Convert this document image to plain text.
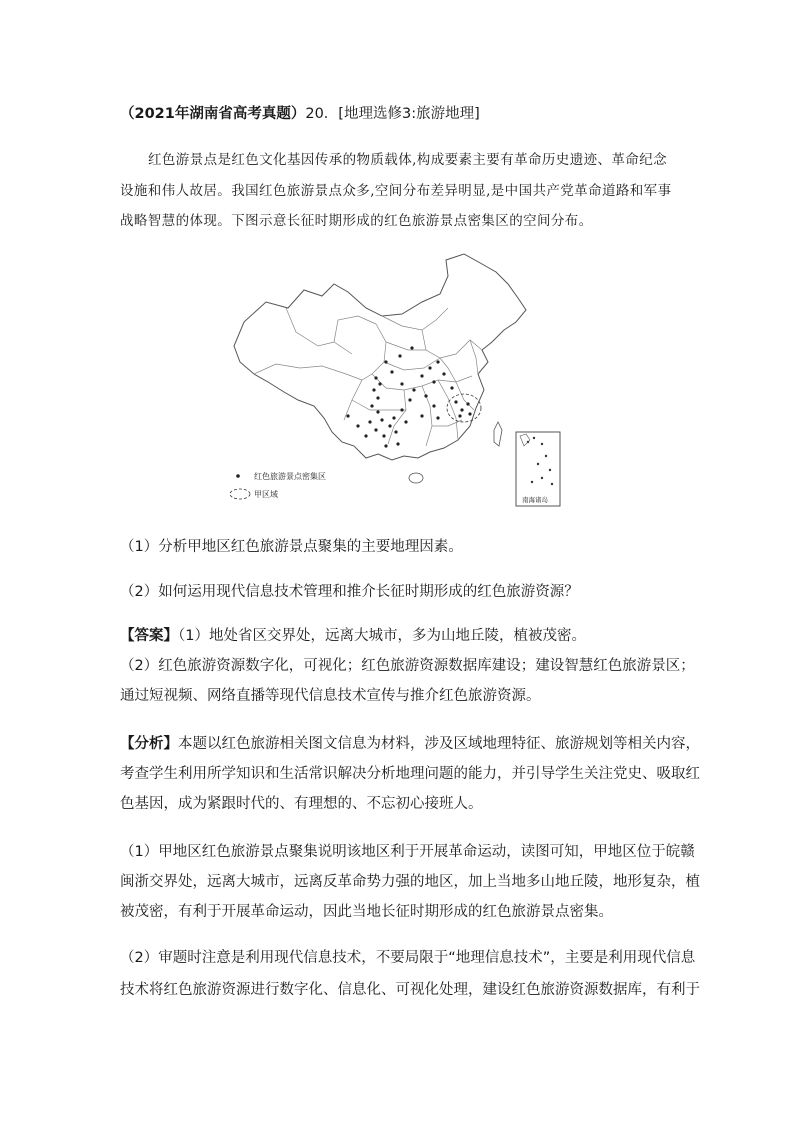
（2021年湖南省高考真题）20．[地理选修3:旅游地理]
红色游景点是红色文化基因传承的物质载体,构成要素主要有革命历史遗迹、革命纪念
设施和伟人故居。我国红色旅游景点众多,空间分布差异明显,是中国共产党革命道路和军事
战略智慧的体现。下图示意长征时期形成的红色旅游景点密集区的空间分布。
红色旅游景点密集区
甲区域
南海诸岛
（1）分析甲地区红色旅游景点聚集的主要地理因素。
（2）如何运用现代信息技术管理和推介长征时期形成的红色旅游资源？
【答案】（1）地处省区交界处，远离大城市，多为山地丘陵，植被茂密。
（2）红色旅游资源数字化，可视化；红色旅游资源数据库建设；建设智慧红色旅游景区；
通过短视频、网络直播等现代信息技术宣传与推介红色旅游资源。
【分析】本题以红色旅游相关图文信息为材料，涉及区域地理特征、旅游规划等相关内容，
考查学生利用所学知识和生活常识解决分析地理问题的能力，并引导学生关注党史、吸取红
色基因，成为紧跟时代的、有理想的、不忘初心接班人。
（1）甲地区红色旅游景点聚集说明该地区利于开展革命运动，读图可知，甲地区位于皖赣
闽浙交界处，远离大城市，远离反革命势力强的地区，加上当地多山地丘陵，地形复杂，植
被茂密，有利于开展革命运动，因此当地长征时期形成的红色旅游景点密集。
（2）审题时注意是利用现代信息技术，不要局限于“地理信息技术”，主要是利用现代信息
技术将红色旅游资源进行数字化、信息化、可视化处理，建设红色旅游资源数据库，有利于
